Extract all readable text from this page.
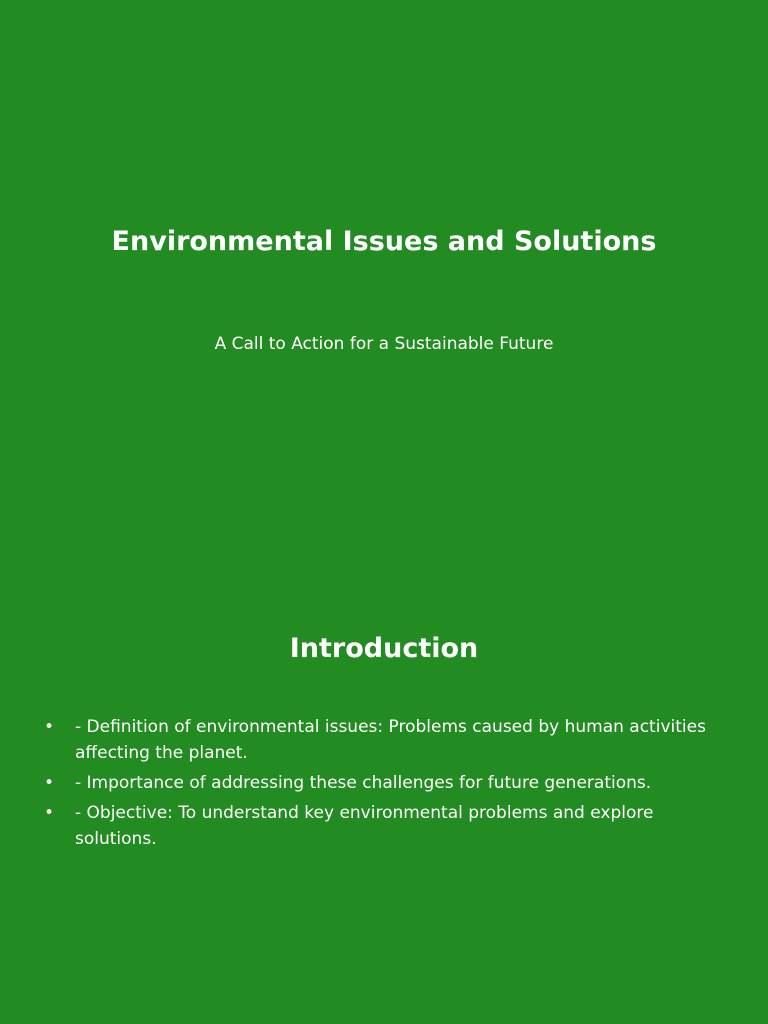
Environmental Issues and Solutions

A Call to Action for a Sustainable Future

Introduction
• - Definition of environmental issues: Problems caused by human activities affecting the planet.
• - Importance of addressing these challenges for future generations.
• - Objective: To understand key environmental problems and explore solutions.
